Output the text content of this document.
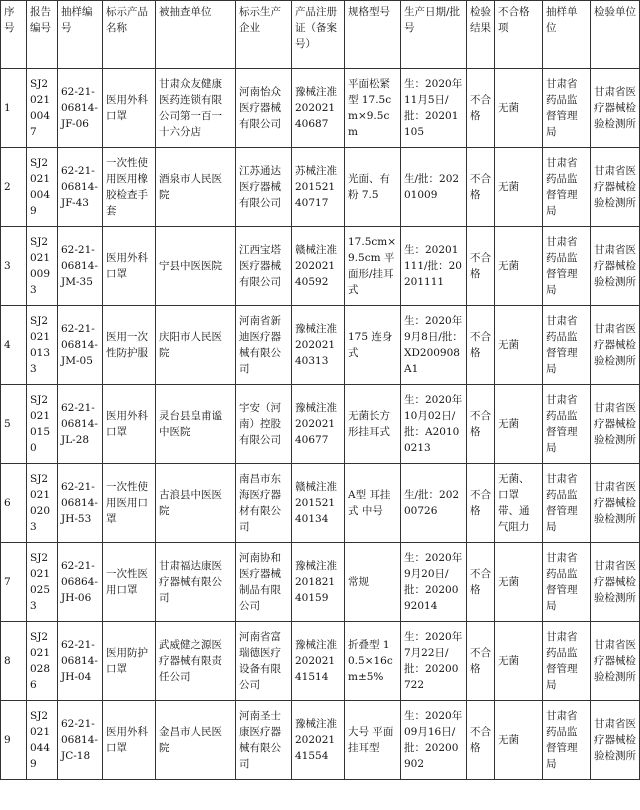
序号	报告编号	抽样编号	标示产品名称	被抽查单位	标示生产企业	产品注册证（备案号）	规格型号	生产日期/批号	检验结果	不合格项	抽样单位	检验单位
1	SJ20210047	62-21-06814-JF-06	医用外科口罩	甘肃众友健康医药连锁有限公司第一百一十六分店	河南怡众医疗器械有限公司	豫械注准20202140687	平面松紧型 17.5cm×9.5cm	生：2020年11月5日/批：20201105	不合格	无菌	甘肃省药品监督管理局	甘肃省医疗器械检验检测所
2	SJ20210049	62-21-06814-JF-43	一次性使用医用橡胶检查手套	酒泉市人民医院	江苏通达医疗器械有限公司	苏械注准20152140717	光面、有粉 7.5	生/批：20201009	不合格	无菌	甘肃省药品监督管理局	甘肃省医疗器械检验检测所
3	SJ20210093	62-21-06814-JM-35	医用外科口罩	宁县中医医院	江西宝塔医疗器械有限公司	赣械注准20202140592	17.5cm×9.5cm 平面形/挂耳式	生：20201111/批：20201111	不合格	无菌	甘肃省药品监督管理局	甘肃省医疗器械检验检测所
4	SJ20210133	62-21-06814-JM-05	医用一次性防护服	庆阳市人民医院	河南省新迪医疗器械有限公司	豫械注准20202140313	175 连身式	生：2020年9月8日/批：XD200908A1	不合格	无菌	甘肃省药品监督管理局	甘肃省医疗器械检验检测所
5	SJ20210150	62-21-06814-JL-28	医用外科口罩	灵台县皇甫谧中医院	宇安（河南）控股有限公司	豫械注准20202140677	无菌长方形挂耳式	生：2020年10月02日/批：A20100213	不合格	无菌	甘肃省药品监督管理局	甘肃省医疗器械检验检测所
6	SJ20210203	62-21-06814-JH-53	一次性使用医用口罩	古浪县中医医院	南昌市东海医疗器材有限公司	赣械注准20152140134	A型 耳挂式 中号	生/批：20200726	不合格	无菌、口罩带、通气阻力	甘肃省药品监督管理局	甘肃省医疗器械检验检测所
7	SJ20210253	62-21-06864-JH-06	一次性医用口罩	甘肃福达康医疗器械有限公司	河南协和医疗器械制品有限公司	豫械注准20182140159	常规	生：2020年9月20日/批：2020092014	不合格	无菌	甘肃省药品监督管理局	甘肃省医疗器械检验检测所
8	SJ20210286	62-21-06814-JH-04	医用防护口罩	武威健之源医疗器械有限责任公司	河南省富瑞德医疗设备有限公司	豫械注准20202141514	折叠型 10.5×16cm±5%	生：2020年7月22日/批：20200722	不合格	无菌	甘肃省药品监督管理局	甘肃省医疗器械检验检测所
9	SJ20210449	62-21-06814-JC-18	医用外科口罩	金昌市人民医院	河南圣士康医疗器械有限公司	豫械注准20202141554	大号 平面挂耳型	生：2020年09月16日/批：20200902	不合格	无菌	甘肃省药品监督管理局	甘肃省医疗器械检验检测所
